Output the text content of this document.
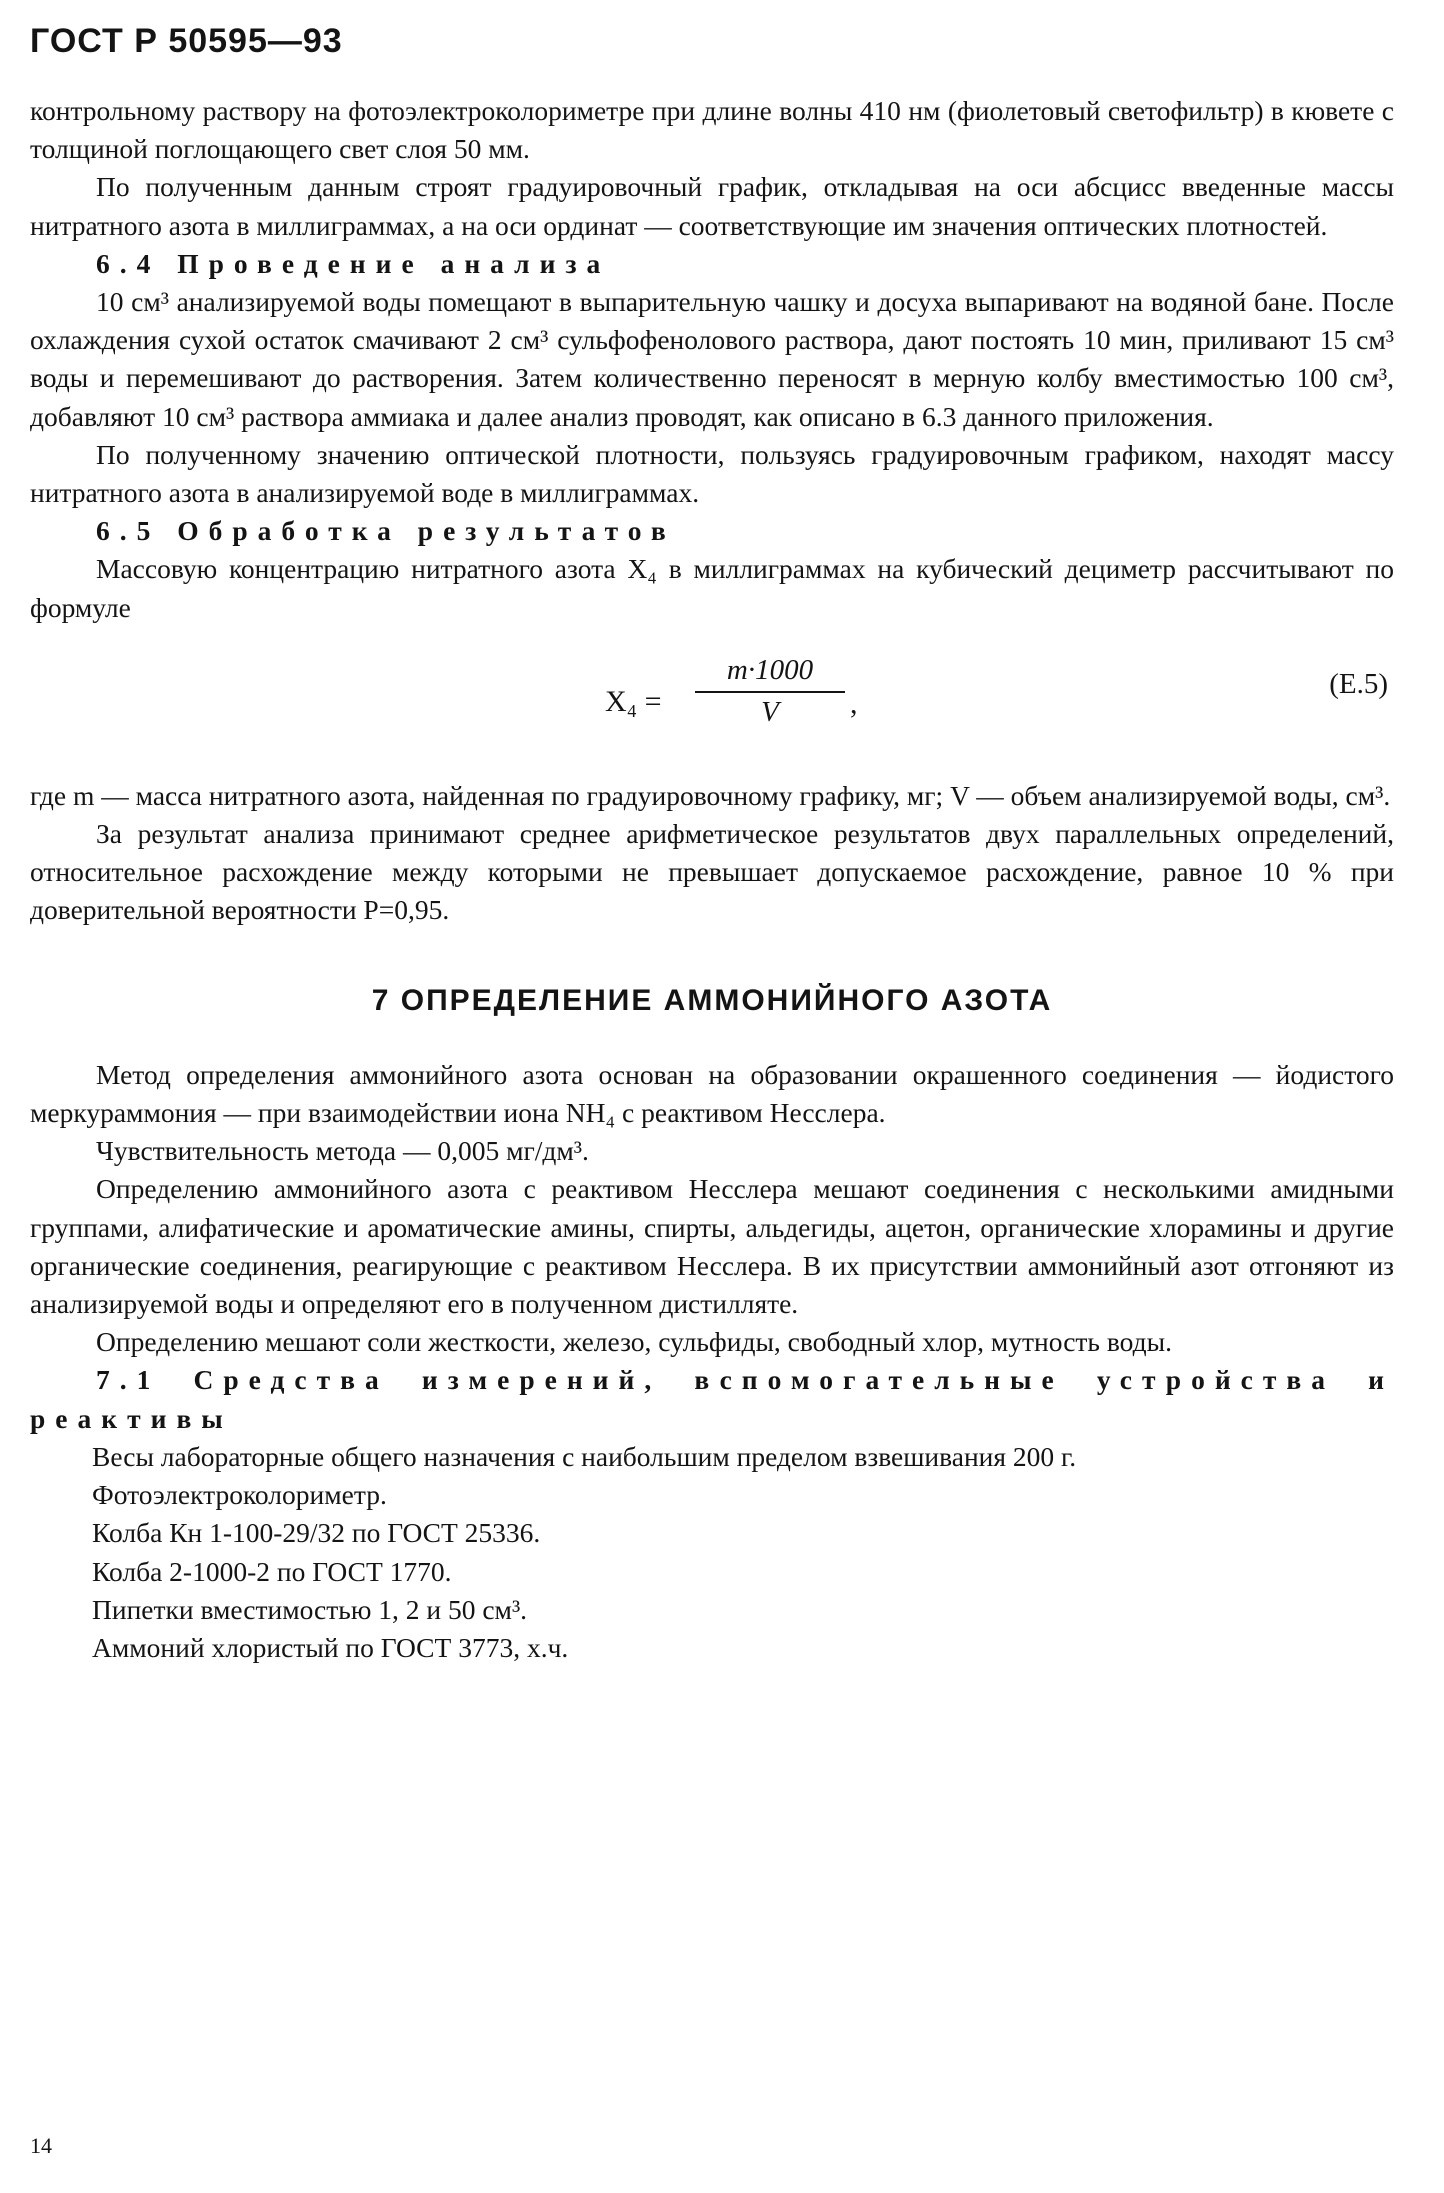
ГОСТ Р 50595—93

контрольному раствору на фотоэлектроколориметре при длине волны 410 нм (фиолетовый светофильтр) в кювете с толщиной поглощающего свет слоя 50 мм.

По полученным данным строят градуировочный график, откладывая на оси абсцисс введенные массы нитратного азота в миллиграммах, а на оси ординат — соответствующие им значения оптических плотностей.

6.4 Проведение анализа

10 см³ анализируемой воды помещают в выпарительную чашку и досуха выпаривают на водяной бане. После охлаждения сухой остаток смачивают 2 см³ сульфофенолового раствора, дают постоять 10 мин, приливают 15 см³ воды и перемешивают до растворения. Затем количественно переносят в мерную колбу вместимостью 100 см³, добавляют 10 см³ раствора аммиака и далее анализ проводят, как описано в 6.3 данного приложения.

По полученному значению оптической плотности, пользуясь градуировочным графиком, находят массу нитратного азота в анализируемой воде в миллиграммах.

6.5 Обработка результатов

Массовую концентрацию нитратного азота X₄ в миллиграммах на кубический дециметр рассчитывают по формуле

$X_4 = \frac{m\cdot 1000}{V}$	(Е.5)
,

где m — масса нитратного азота, найденная по градуировочному графику, мг; V — объем анализируемой воды, см³.

За результат анализа принимают среднее арифметическое результатов двух параллельных определений, относительное расхождение между которыми не превышает допускаемое расхождение, равное 10 % при доверительной вероятности P=0,95.

7 ОПРЕДЕЛЕНИЕ АММОНИЙНОГО АЗОТА

Метод определения аммонийного азота основан на образовании окрашенного соединения — йодистого меркураммония — при взаимодействии иона NH₄ с реактивом Несслера.

Чувствительность метода — 0,005 мг/дм³.

Определению аммонийного азота с реактивом Несслера мешают соединения с несколькими амидными группами, алифатические и ароматические амины, спирты, альдегиды, ацетон, органические хлорамины и другие органические соединения, реагирующие с реактивом Несслера. В их присутствии аммонийный азот отгоняют из анализируемой воды и определяют его в полученном дистилляте.

Определению мешают соли жесткости, железо, сульфиды, свободный хлор, мутность воды.

7.1 Средства измерений, вспомогательные устройства и реактивы

Весы лабораторные общего назначения с наибольшим пределом взвешивания 200 г.

Фотоэлектроколориметр.

Колба Кн 1-100-29/32 по ГОСТ 25336.

Колба 2-1000-2 по ГОСТ 1770.

Пипетки вместимостью 1, 2 и 50 см³.

Аммоний хлористый по ГОСТ 3773, х.ч.

14
